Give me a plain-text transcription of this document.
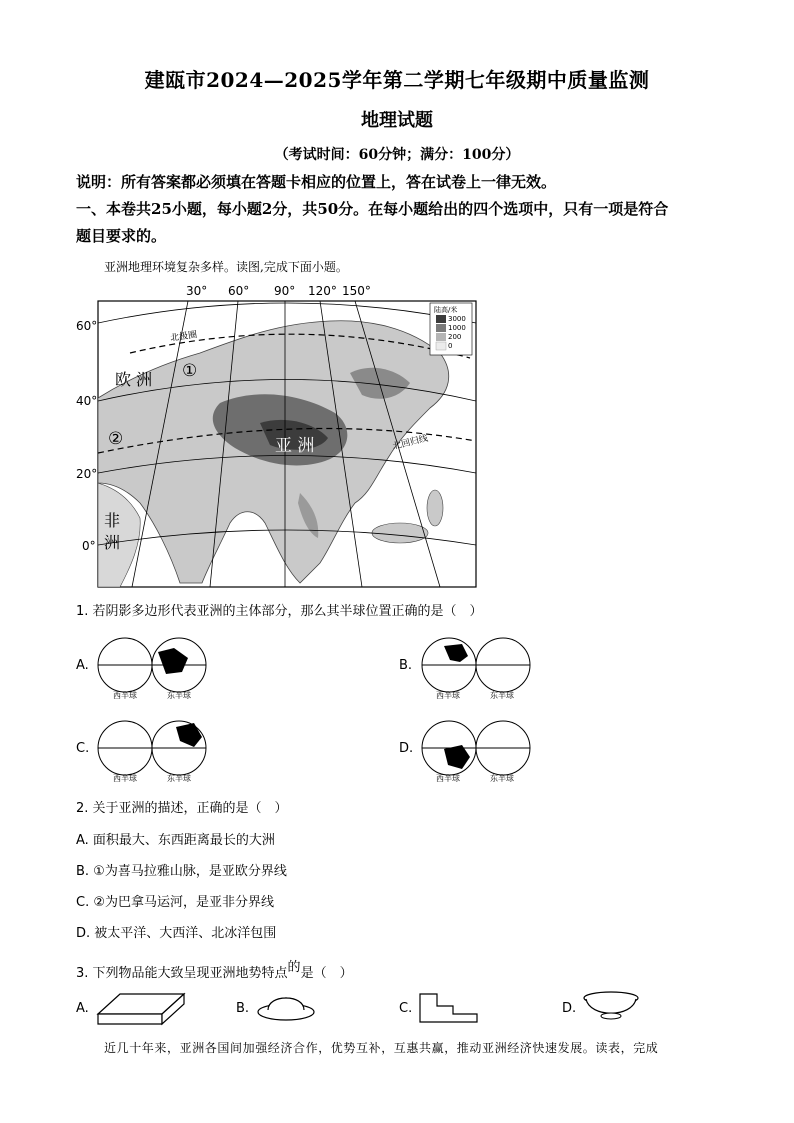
建瓯市2024—2025学年第二学期七年级期中质量监测
地理试题
（考试时间：60分钟；满分：100分）
说明：所有答案都必须填在答题卡相应的位置上，答在试卷上一律无效。
一、本卷共25小题，每小题2分，共50分。在每小题给出的四个选项中，只有一项是符合
题目要求的。
亚洲地理环境复杂多样。读图,完成下面小题。
30° 60° 90° 120° 150°
60°
40°
20°
0°
陆高/米
3000
1000
200
0
欧 洲
亚 洲
非
洲
北极圈
北回归线
①
②
1. 若阴影多边形代表亚洲的主体部分，那么其半球位置正确的是（　）
A.
西半球	东半球
B.
西半球	东半球
C.
西半球	东半球
D.
西半球	东半球
2. 关于亚洲的描述，正确的是（　）
A. 面积最大、东西距离最长的大洲
B. ①为喜马拉雅山脉，是亚欧分界线
C. ②为巴拿马运河，是亚非分界线
D. 被太平洋、大西洋、北冰洋包围
3. 下列物品能大致呈现亚洲地势特点的是（　）
A.	B.	C.	D.
近几十年来，亚洲各国间加强经济合作，优势互补，互惠共赢，推动亚洲经济快速发展。读表，完成
